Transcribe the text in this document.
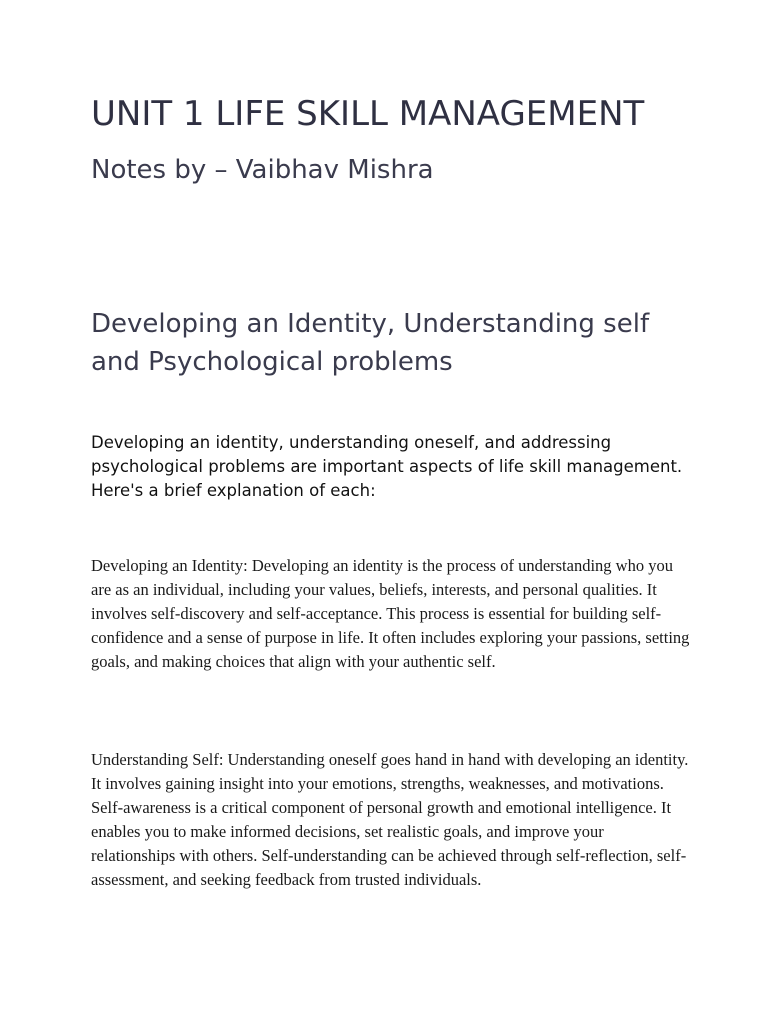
UNIT 1 LIFE SKILL MANAGEMENT
Notes by – Vaibhav Mishra
Developing an Identity, Understanding self and Psychological problems

Developing an identity, understanding oneself, and addressing psychological problems are important aspects of life skill management. Here's a brief explanation of each:

Developing an Identity: Developing an identity is the process of understanding who you are as an individual, including your values, beliefs, interests, and personal qualities. It involves self-discovery and self-acceptance. This process is essential for building self-confidence and a sense of purpose in life. It often includes exploring your passions, setting goals, and making choices that align with your authentic self.

Understanding Self: Understanding oneself goes hand in hand with developing an identity. It involves gaining insight into your emotions, strengths, weaknesses, and motivations. Self-awareness is a critical component of personal growth and emotional intelligence. It enables you to make informed decisions, set realistic goals, and improve your relationships with others. Self-understanding can be achieved through self-reflection, self-assessment, and seeking feedback from trusted individuals.
